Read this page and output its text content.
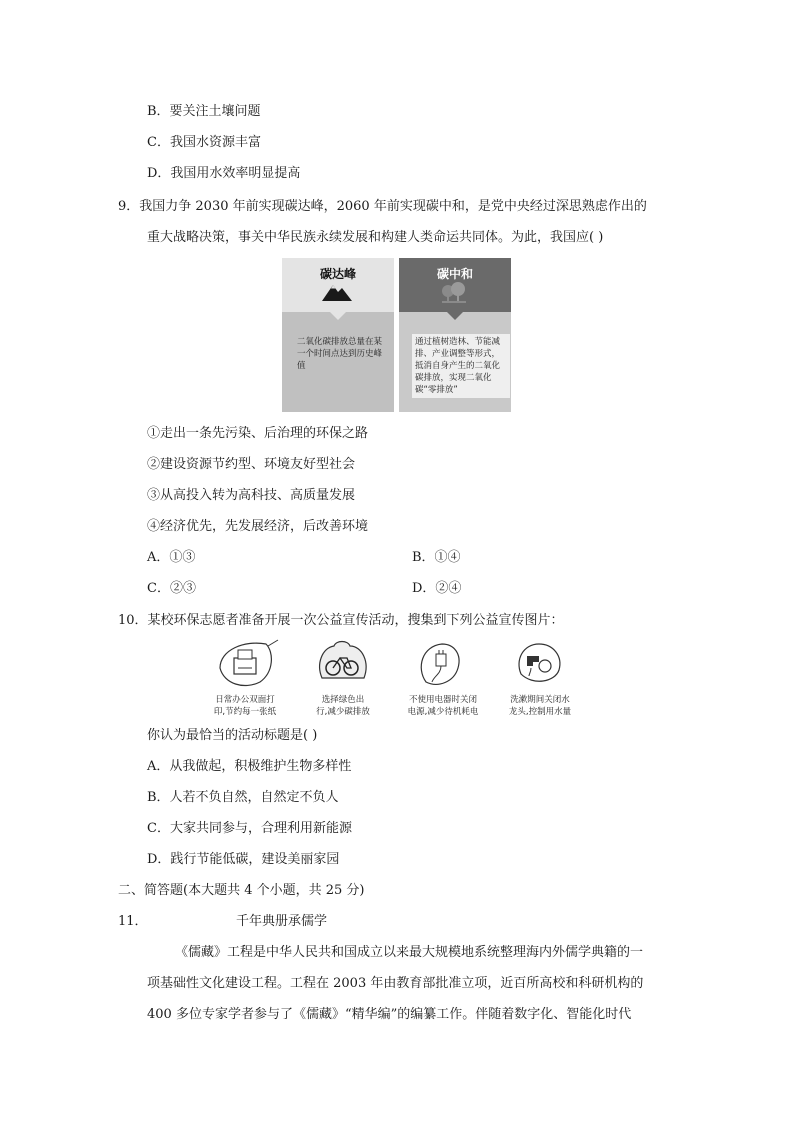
B．要关注土壤问题
C．我国水资源丰富
D．我国用水效率明显提高
9．我国力争 2030 年前实现碳达峰，2060 年前实现碳中和，是党中央经过深思熟虑作出的
重大战略决策，事关中华民族永续发展和构建人类命运共同体。为此，我国应( )
碳达峰
二氧化碳排放总量在某一个时间点达到历史峰值
碳中和
通过植树造林、节能减排、产业调整等形式，抵消自身产生的二氧化碳排放，实现二氧化碳“零排放”
①走出一条先污染、后治理的环保之路
②建设资源节约型、环境友好型社会
③从高投入转为高科技、高质量发展
④经济优先，先发展经济，后改善环境
A．①③	B．①④
C．②③	D．②④
10．某校环保志愿者准备开展一次公益宣传活动，搜集到下列公益宣传图片：
日常办公双面打
印,节约每一张纸
选择绿色出
行,减少碳排放
不使用电器时关闭
电源,减少待机耗电
洗漱期间关闭水
龙头,控制用水量
你认为最恰当的活动标题是( )
A．从我做起，积极维护生物多样性
B．人若不负自然，自然定不负人
C．大家共同参与，合理利用新能源
D．践行节能低碳，建设美丽家园
二、简答题(本大题共 4 个小题，共 25 分)
11．	千年典册承儒学
《儒藏》工程是中华人民共和国成立以来最大规模地系统整理海内外儒学典籍的一
项基础性文化建设工程。工程在 2003 年由教育部批准立项，近百所高校和科研机构的
400 多位专家学者参与了《儒藏》“精华编”的编纂工作。伴随着数字化、智能化时代
